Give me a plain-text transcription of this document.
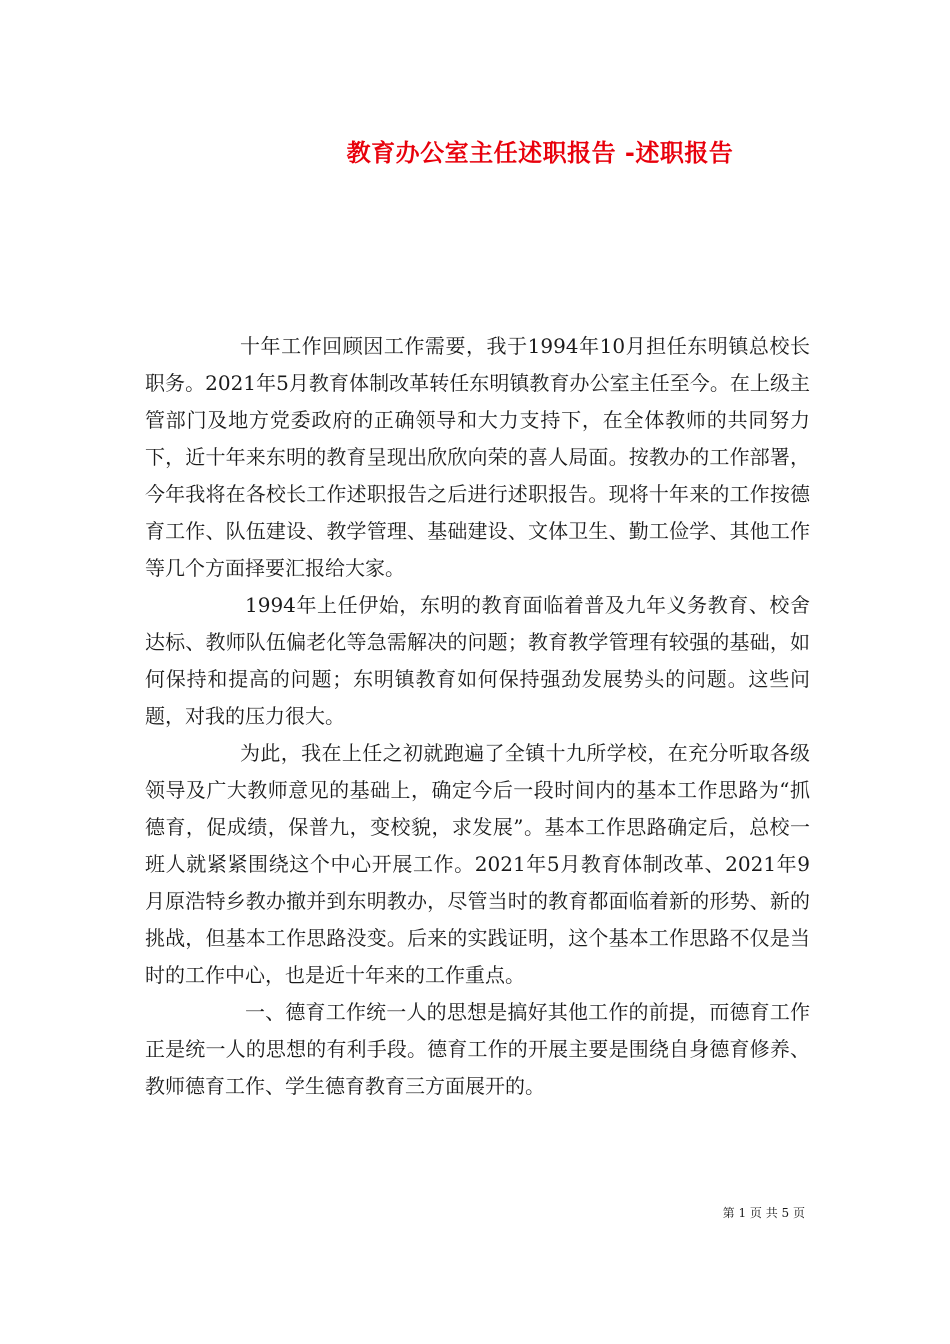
教育办公室主任述职报告 -述职报告

十年工作回顾因工作需要，我于1994年10月担任东明镇总校长职务。2021年5月教育体制改革转任东明镇教育办公室主任至今。在上级主管部门及地方党委政府的正确领导和大力支持下，在全体教师的共同努力下，近十年来东明的教育呈现出欣欣向荣的喜人局面。按教办的工作部署，今年我将在各校长工作述职报告之后进行述职报告。现将十年来的工作按德育工作、队伍建设、教学管理、基础建设、文体卫生、勤工俭学、其他工作等几个方面择要汇报给大家。

1994年上任伊始，东明的教育面临着普及九年义务教育、校舍达标、教师队伍偏老化等急需解决的问题；教育教学管理有较强的基础，如何保持和提高的问题；东明镇教育如何保持强劲发展势头的问题。这些问题，对我的压力很大。

为此，我在上任之初就跑遍了全镇十九所学校，在充分听取各级领导及广大教师意见的基础上，确定今后一段时间内的基本工作思路为“抓德育，促成绩，保普九，变校貌，求发展”。基本工作思路确定后，总校一班人就紧紧围绕这个中心开展工作。2021年5月教育体制改革、2021年9月原浩特乡教办撤并到东明教办，尽管当时的教育都面临着新的形势、新的挑战，但基本工作思路没变。后来的实践证明，这个基本工作思路不仅是当时的工作中心，也是近十年来的工作重点。

一、德育工作统一人的思想是搞好其他工作的前提，而德育工作正是统一人的思想的有利手段。德育工作的开展主要是围绕自身德育修养、教师德育工作、学生德育教育三方面展开的。

第 1 页 共 5 页
